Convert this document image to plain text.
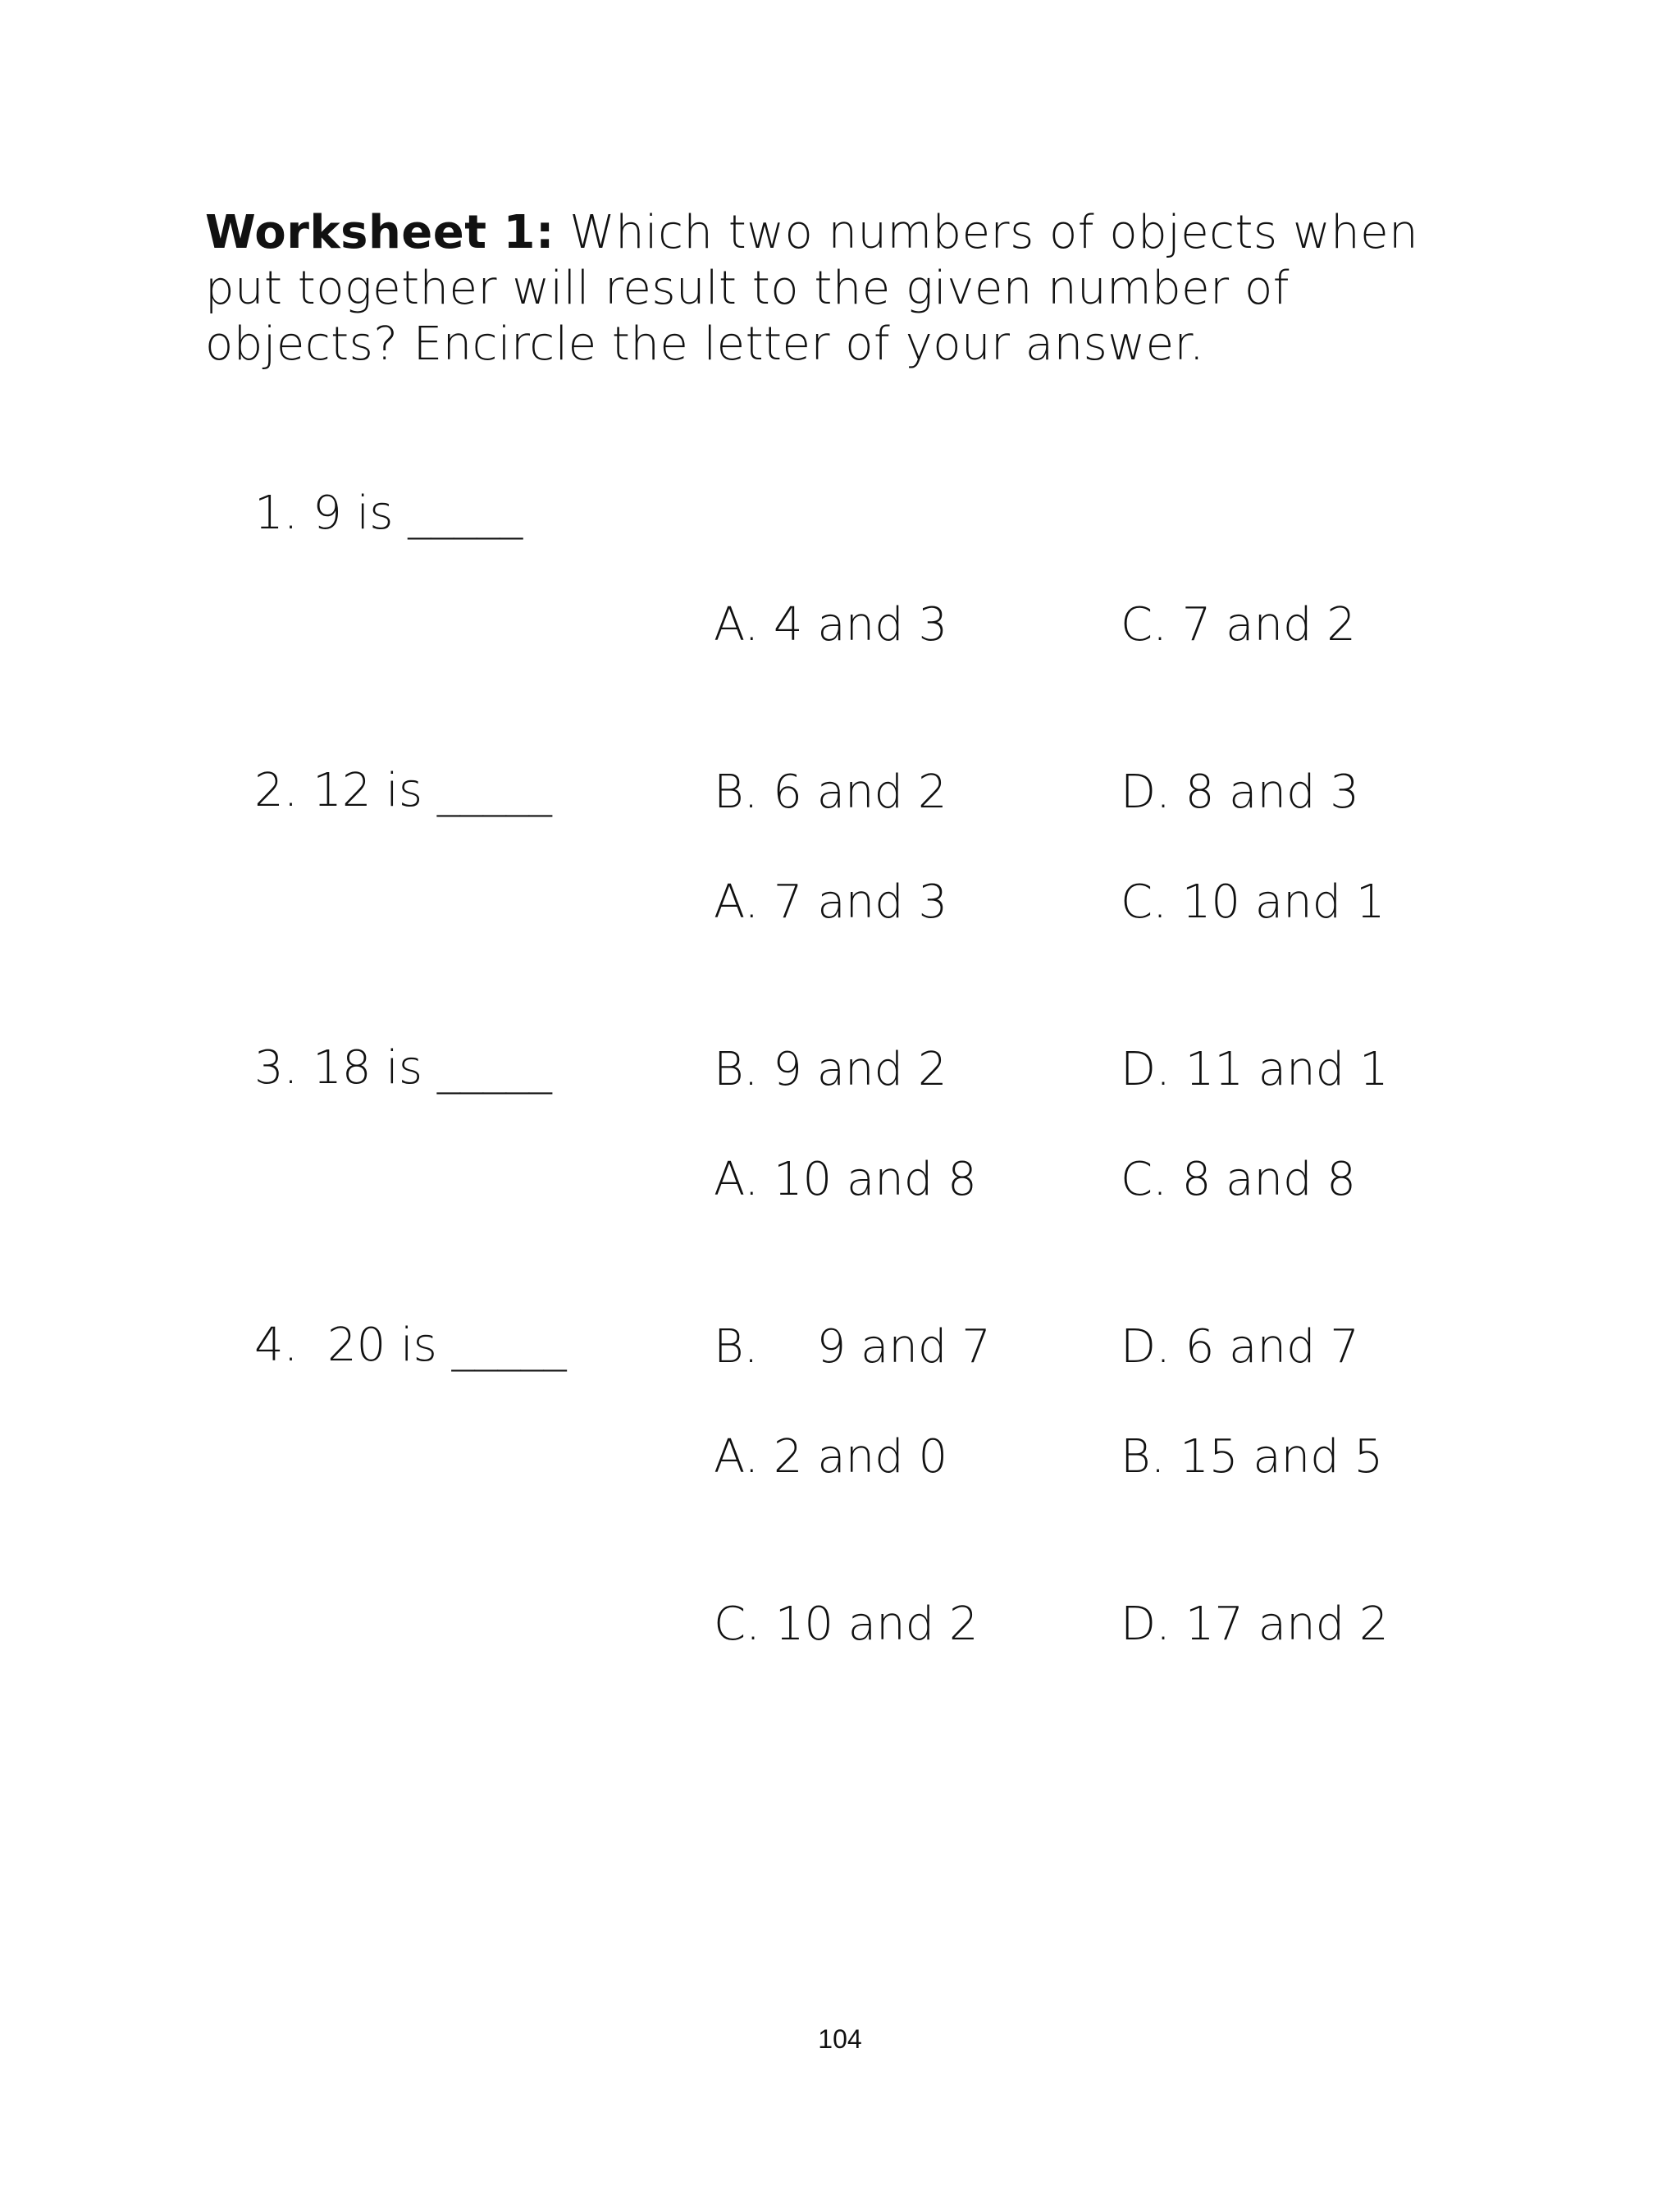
Worksheet 1: Which two numbers of objects when put together will result to the given number of objects? Encircle the letter of your answer.
1. 9 is _____

A. 4 and 3

B. 6 and 2

C. 7 and 2

D. 8 and 3

2. 12 is _____

A. 7 and 3

B. 9 and 2

C. 10 and 1

D. 11 and 1

3. 18 is _____

A. 10 and 8

B.    9 and 7

C. 8 and 8

D. 6 and 7

4.  20 is _____

A. 2 and 0

C. 10 and 2

B. 15 and 5

D. 17 and 2

104
